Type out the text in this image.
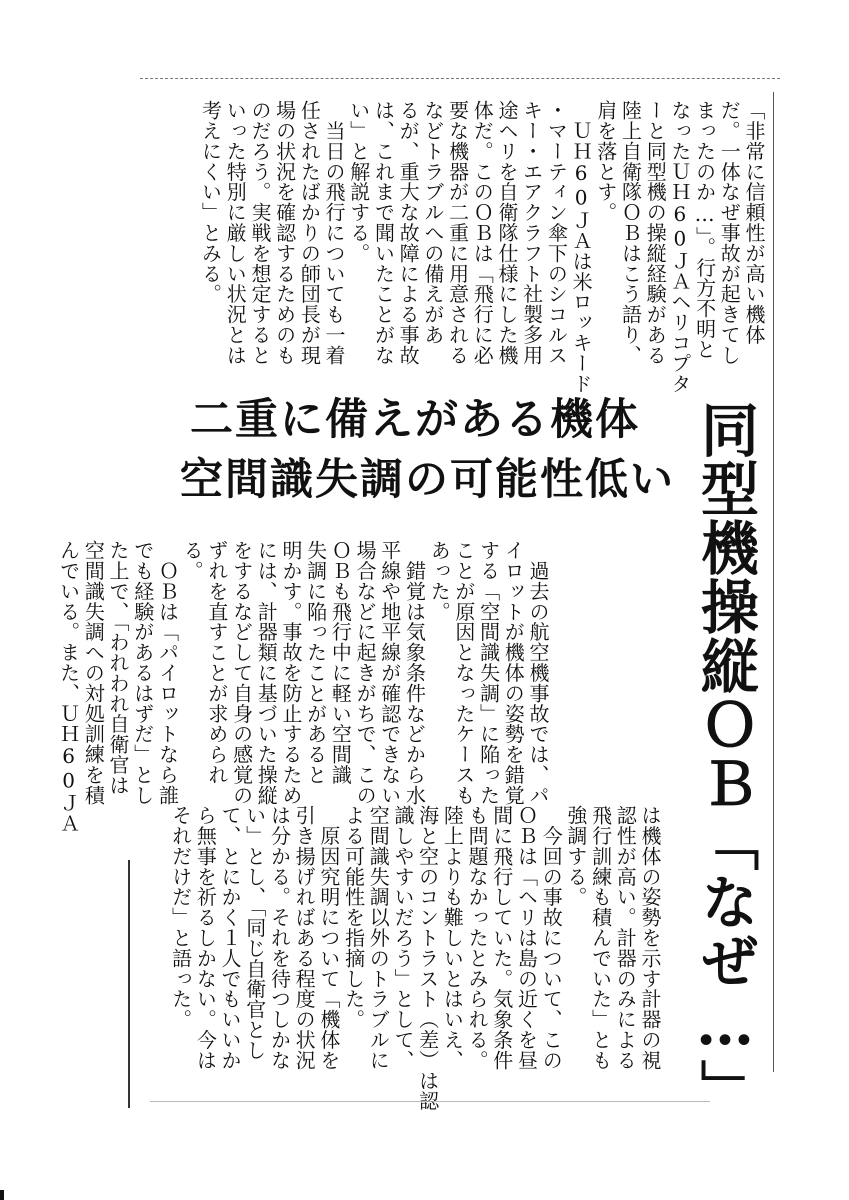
「非常に信頼性が高い機体
だ。一体なぜ事故が起きてし
まったのか…」。行方不明と
なったＵＨ60ＪＡヘリコプタ
ーと同型機の操縦経験がある
陸上自衛隊ＯＢはこう語り、
肩を落とす。
　ＵＨ60ＪＡは米ロッキード
・マーティン傘下のシコルス
キー・エアクラフト社製多用
途ヘリを自衛隊仕様にした機
体だ。このＯＢは「飛行に必
要な機器が二重に用意される
などトラブルへの備えがあ
るが、重大な故障による事故
は、これまで聞いたことがな
い」と解説する。
　当日の飛行についても一着
任されたばかりの師団長が現
場の状況を確認するためのも
のだろう。実戦を想定すると
いった特別に厳しい状況とは
考えにくい」とみる。
二重に備えがある機体
空間識失調の可能性低い 同型機操縦ＯＢ「なぜ…」
は機体の姿勢を示す計器の視
認性が高い。計器のみによる
飛行訓練も積んでいた」とも
強調する。
　今回の事故について、この
ＯＢは「ヘリは島の近くを昼
間に飛行していた。気象条件
も問題なかったとみられる。
陸上よりも難しいとはいえ、
海と空のコントラスト（差）は認
識しやすいだろう」として、
空間識失調以外のトラブルに
よる可能性を指摘した。
　原因究明について「機体を
引き揚げればある程度の状況
は分かる。それを待つしかな
い」とし、「同じ自衛官とし
て、とにかく１人でもいいか
ら無事を祈るしかない。今は
それだけだ」と語った。
　過去の航空機事故では、パ
イロットが機体の姿勢を錯覚
する「空間識失調」に陥った
ことが原因となったケースも
あった。
　錯覚は気象条件などから水
平線や地平線が確認できない
場合などに起きがちで、この
ＯＢも飛行中に軽い空間識
失調に陥ったことがあると
明かす。事故を防止するため
には、計器類に基づいた操縦
をするなどして自身の感覚の
ずれを直すことが求められ
る。
　ＯＢは「パイロットなら誰
でも経験があるはずだ」とし
た上で、「われわれ自衛官は
空間識失調への対処訓練を積
んでいる。また、ＵＨ60ＪＡ
